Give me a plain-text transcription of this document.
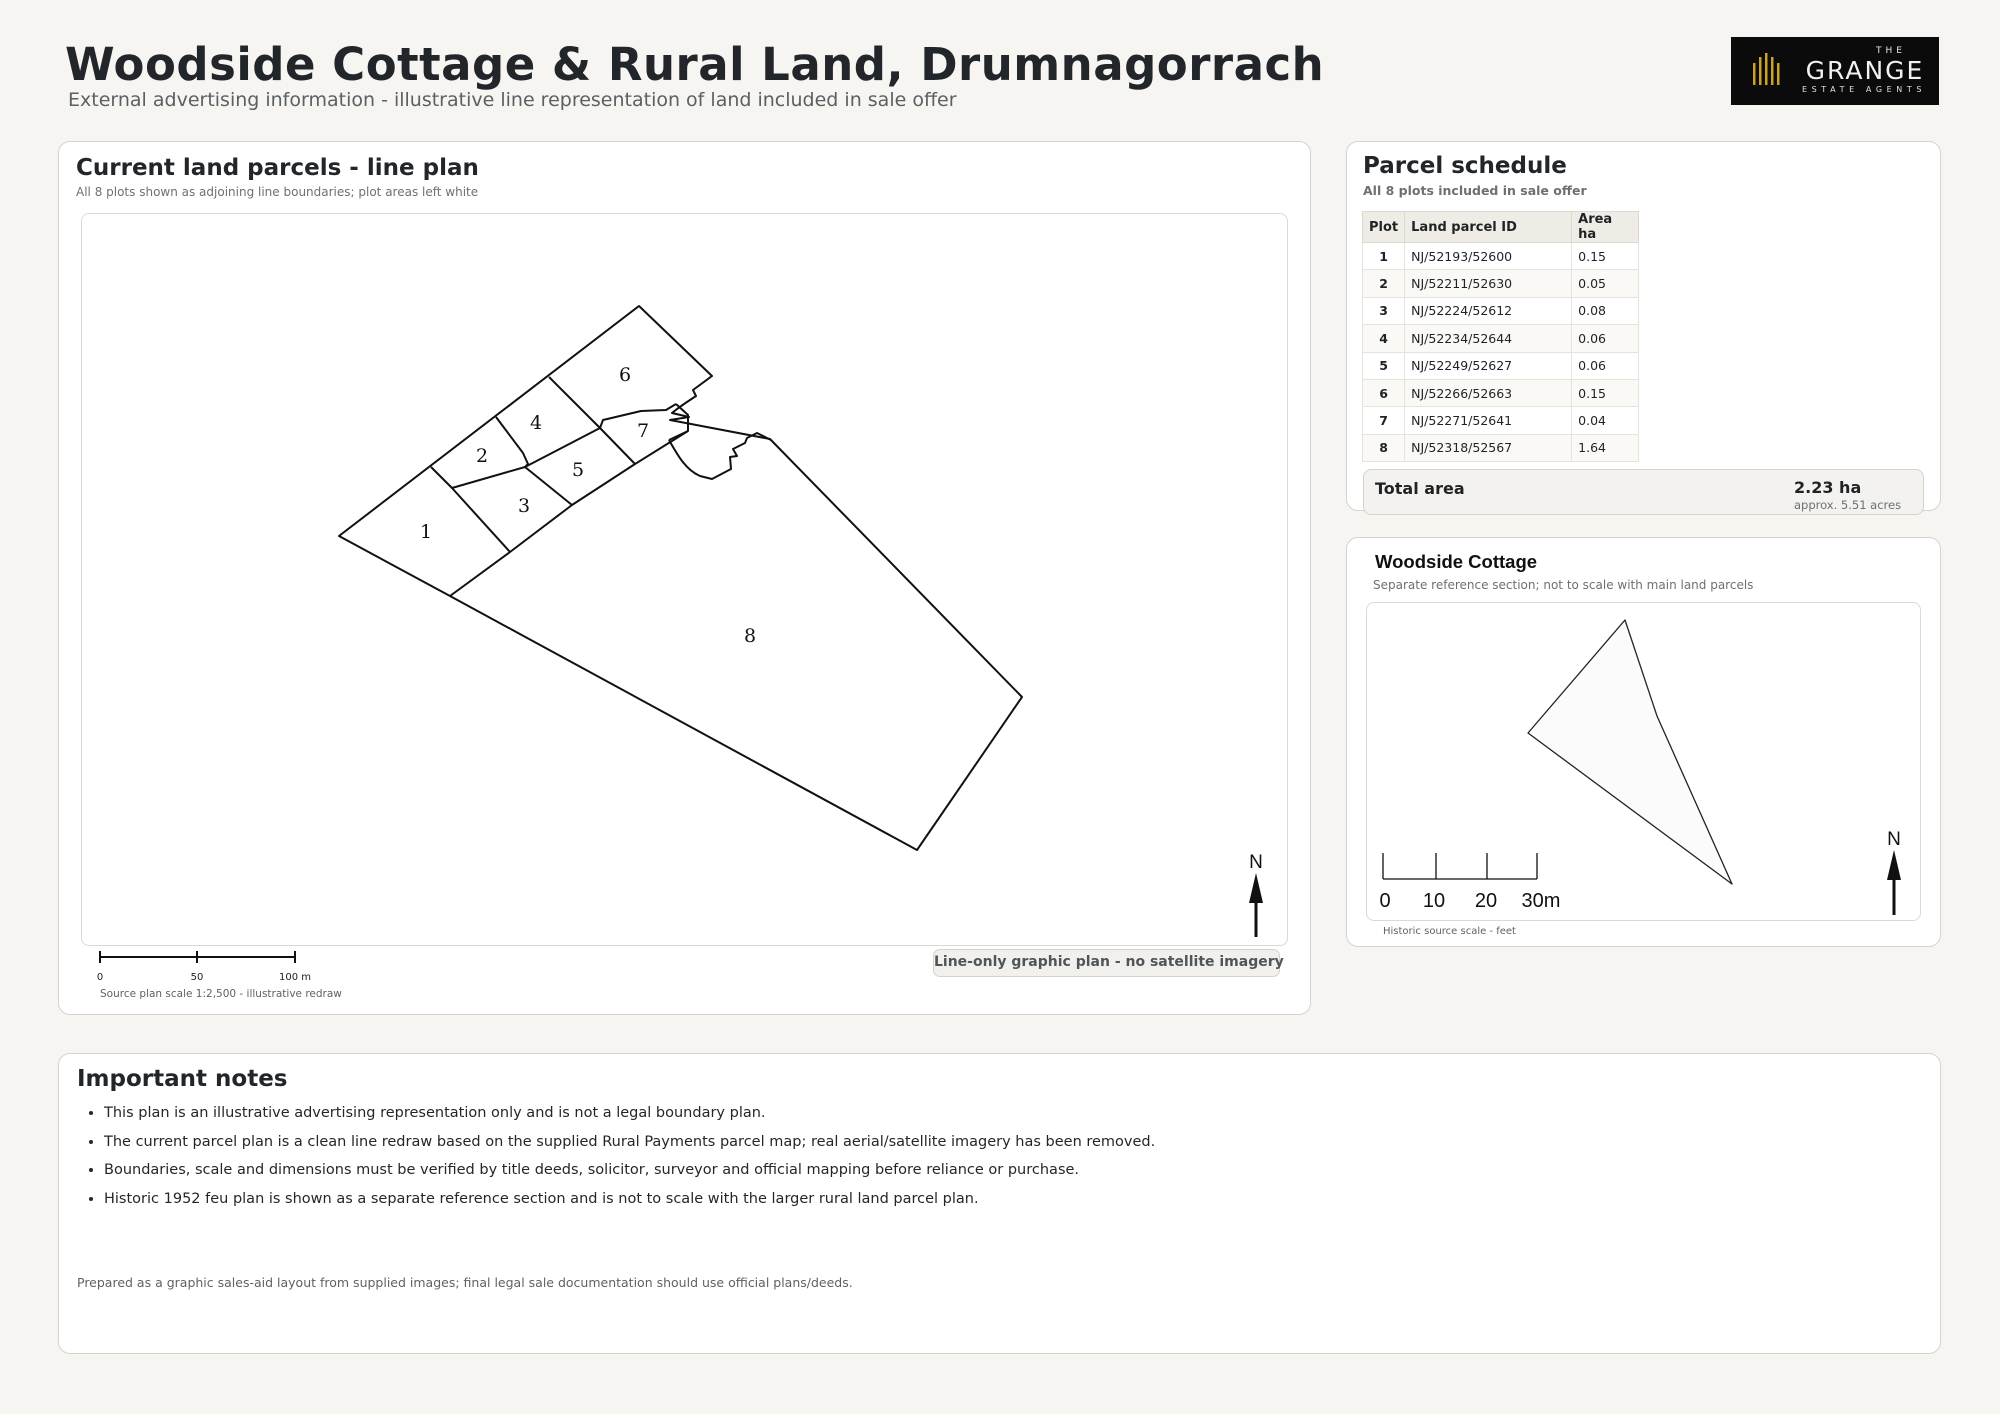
Woodside Cottage & Rural Land, Drumnagorrach
External advertising information - illustrative line representation of land included in sale offer
THE
GRANGE
ESTATE AGENTS
Current land parcels - line plan
All 8 plots shown as adjoining line boundaries; plot areas left white
1
2
3
4
5
6
7
8
N
0	50	100 m
Source plan scale 1:2,500 - illustrative redraw
Line-only graphic plan - no satellite imagery
Parcel schedule
All 8 plots included in sale offer
Plot	Land parcel ID	Area ha
1	NJ/52193/52600	0.15
2	NJ/52211/52630	0.05
3	NJ/52224/52612	0.08
4	NJ/52234/52644	0.06
5	NJ/52249/52627	0.06
6	NJ/52266/52663	0.15
7	NJ/52271/52641	0.04
8	NJ/52318/52567	1.64
Total area	2.23 ha
approx. 5.51 acres
Woodside Cottage
Separate reference section; not to scale with main land parcels
0 10 20 30m
N
Historic source scale - feet
Important notes
• This plan is an illustrative advertising representation only and is not a legal boundary plan.
• The current parcel plan is a clean line redraw based on the supplied Rural Payments parcel map; real aerial/satellite imagery has been removed.
• Boundaries, scale and dimensions must be verified by title deeds, solicitor, surveyor and official mapping before reliance or purchase.
• Historic 1952 feu plan is shown as a separate reference section and is not to scale with the larger rural land parcel plan.
Prepared as a graphic sales-aid layout from supplied images; final legal sale documentation should use official plans/deeds.
